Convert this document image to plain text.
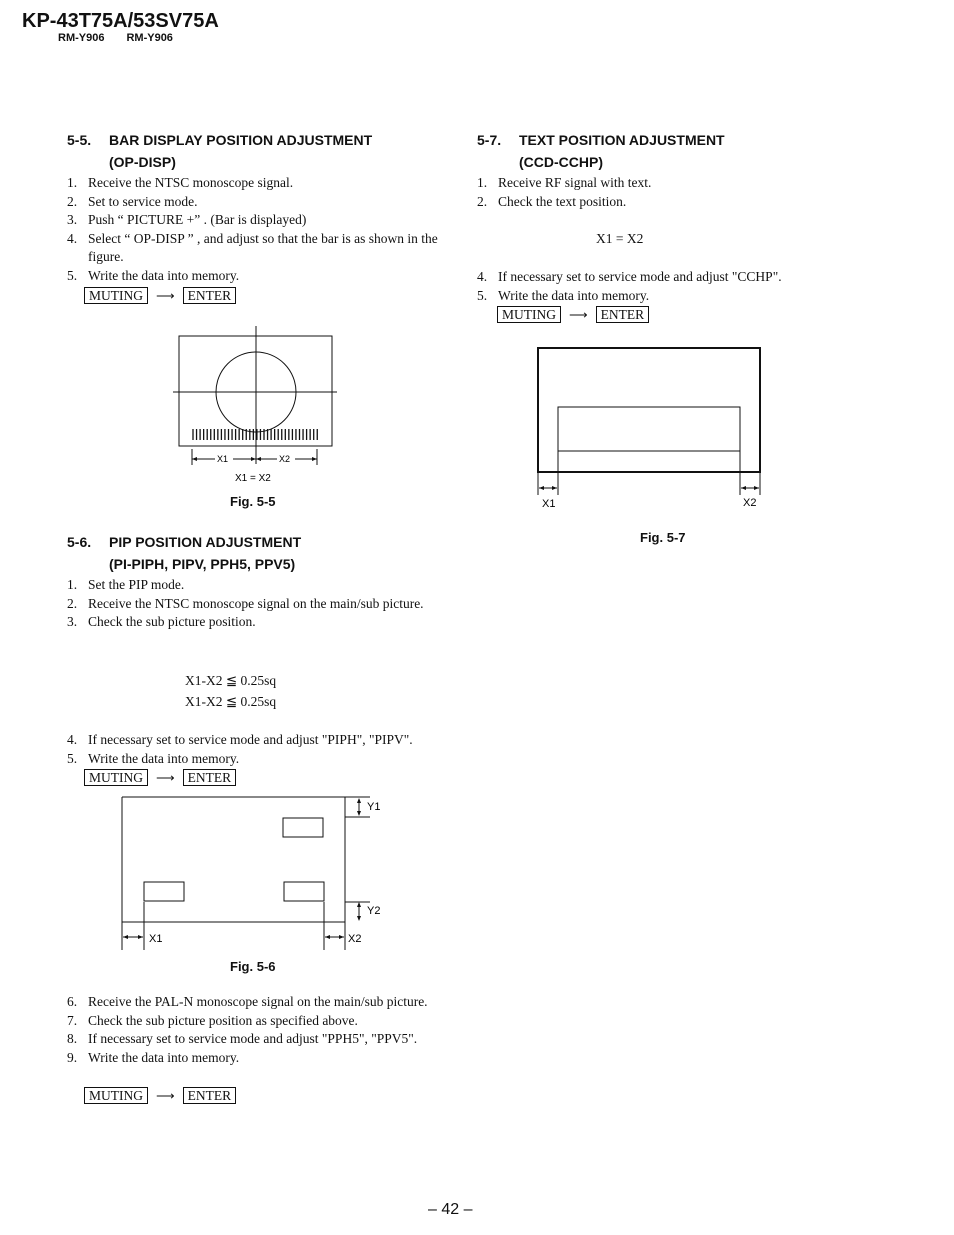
KP-43T75A/53SV75A
RM-Y906 RM-Y906
5-5. BAR DISPLAY POSITION ADJUSTMENT
(OP-DISP)
1. Receive the NTSC monoscope signal.
2. Set to service mode.
3. Push “ PICTURE +” . (Bar is displayed)
4. Select “ OP-DISP ” , and adjust so that the bar is as shown in the figure.
5. Write the data into memory.
MUTING	⟶ ENTER
X1	X2
X1 = X2
Fig. 5-5
5-6. PIP POSITION ADJUSTMENT
(PI-PIPH, PIPV, PPH5, PPV5)
1. Set the PIP mode.
2. Receive the NTSC monoscope signal on the main/sub picture.
3. Check the sub picture position.
X1-X2 ≦ 0.25sq
X1-X2 ≦ 0.25sq
4. If necessary set to service mode and adjust "PIPH", "PIPV".
5. Write the data into memory.
MUTING	⟶ ENTER
Y1
Y2
X1	X2
Fig. 5-6
6. Receive the PAL-N monoscope signal on the main/sub picture.
7. Check the sub picture position as specified above.
8. If necessary set to service mode and adjust "PPH5", "PPV5".
9. Write the data into memory.
MUTING	⟶ ENTER
5-7. TEXT POSITION ADJUSTMENT
(CCD-CCHP)
1. Receive RF signal with text.
2. Check the text position.
X1 = X2
4. If necessary set to service mode and adjust "CCHP".
5. Write the data into memory.
MUTING	⟶ ENTER
X1	X2
Fig. 5-7
– 42 –
